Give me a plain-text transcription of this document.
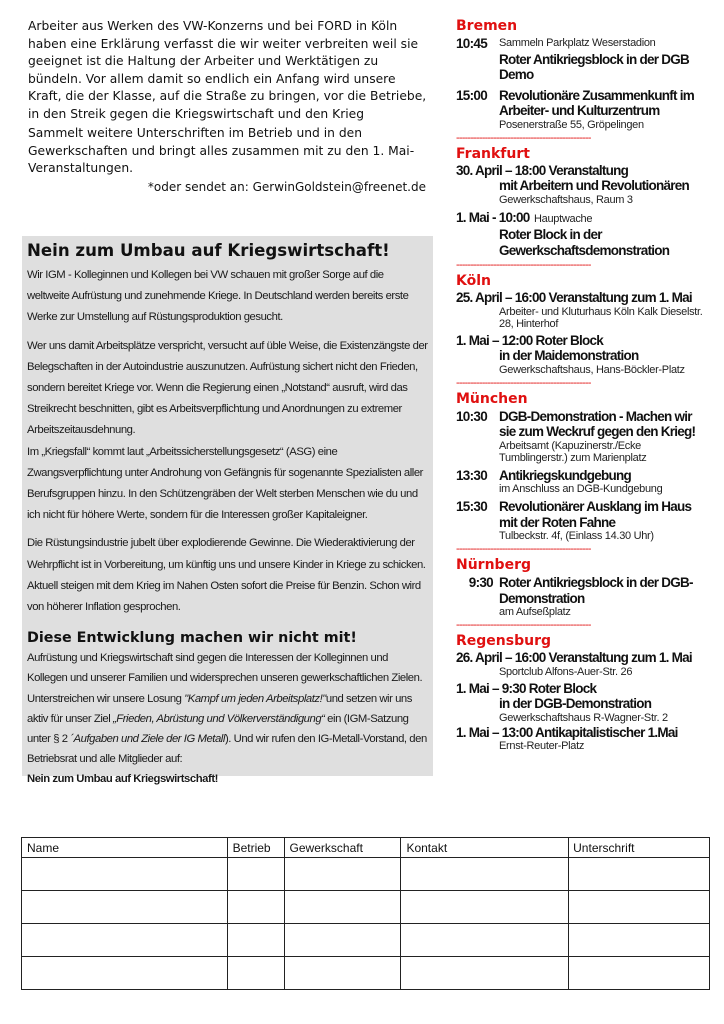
Arbeiter aus Werken des VW-Konzerns und bei FORD in Köln haben eine Erklärung verfasst die wir weiter verbreiten weil sie geeignet ist die Haltung der Arbeiter und Werktätigen zu bündeln. Vor allem damit so endlich ein Anfang wird unsere Kraft, die der Klasse, auf die Straße zu bringen, vor die Betriebe, in den Streik gegen die Kriegswirtschaft und den Krieg

Sammelt weitere Unterschriften im Betrieb und in den Gewerkschaften und bringt alles zusammen mit zu den 1. Mai-Veranstaltungen.

*oder sendet an: GerwinGoldstein@freenet.de

Nein zum Umbau auf Kriegswirtschaft!

Wir IGM - Kolleginnen und Kollegen bei VW schauen mit großer Sorge auf die weltweite Aufrüstung und zunehmende Kriege. In Deutschland werden bereits erste Werke zur Umstellung auf Rüstungsproduktion gesucht.

Wer uns damit Arbeitsplätze verspricht, versucht auf üble Weise, die Existenzängste der Belegschaften in der Autoindustrie auszunutzen. Aufrüstung sichert nicht den Frieden, sondern bereitet Kriege vor. Wenn die Regierung einen „Notstand“ ausruft, wird das Streikrecht beschnitten, gibt es Arbeitsverpflichtung und Anordnungen zu extremer Arbeitszeitausdehnung.
Im „Kriegsfall“ kommt laut „Arbeitssicherstellungsgesetz“ (ASG) eine Zwangsverpflichtung unter Androhung von Gefängnis für sogenannte Spezialisten aller Berufsgruppen hinzu. In den Schützengräben der Welt sterben Menschen wie du und ich nicht für höhere Werte, sondern für die Interessen großer Kapitaleigner.

Die Rüstungsindustrie jubelt über explodierende Gewinne. Die Wiederaktivierung der Wehrpflicht ist in Vorbereitung, um künftig uns und unsere Kinder in Kriege zu schicken. Aktuell steigen mit dem Krieg im Nahen Osten sofort die Preise für Benzin. Schon wird von höherer Inflation gesprochen.

Diese Entwicklung machen wir nicht mit!

Aufrüstung und Kriegswirtschaft sind gegen die Interessen der Kolleginnen und Kollegen und unserer Familien und widersprechen unseren gewerkschaftlichen Zielen. Unterstreichen wir unsere Losung "Kampf um jeden Arbeitsplatz!"und setzen wir uns aktiv für unser Ziel „Frieden, Abrüstung und Völkerverständigung“ ein (IGM-Satzung unter § 2 ´Aufgaben und Ziele der IG Metall). Und wir rufen den IG-Metall-Vorstand, den Betriebsrat und alle Mitglieder auf:
Nein zum Umbau auf Kriegswirtschaft!

Bremen
10:45	Sammeln Parkplatz Weserstadion
Roter Antikriegsblock in der DGB Demo
15:00 Revolutionäre Zusammenkunft im Arbeiter- und Kulturzentrum
Posenerstraße 55, Gröpelingen
-----------------------------------------------
Frankfurt
30. April – 18:00 Veranstaltung
mit Arbeitern und Revolutionären
Gewerkschaftshaus, Raum 3
1. Mai - 10:00 Hauptwache
Roter Block in der Gewerkschaftsdemonstration
-----------------------------------------------
Köln
25. April – 16:00 Veranstaltung zum 1. Mai
Arbeiter- und Kluturhaus Köln Kalk Dieselstr. 28, Hinterhof
1. Mai – 12:00 Roter Block
in der Maidemonstration
Gewerkschaftshaus, Hans-Böckler-Platz
-----------------------------------------------
München
10:30 DGB-Demonstration - Machen wir sie zum Weckruf gegen den Krieg!
Arbeitsamt (Kapuzinerstr./Ecke Tumblingerstr.) zum Marienplatz
13:30 Antikriegskundgebung
im Anschluss an DGB-Kundgebung
15:30 Revolutionärer Ausklang im Haus mit der Roten Fahne
Tulbeckstr. 4f, (Einlass 14.30 Uhr)
-----------------------------------------------
Nürnberg
9:30 Roter Antikriegsblock in der DGB-Demonstration
am Aufseßplatz
-----------------------------------------------
Regensburg
26. April – 16:00 Veranstaltung zum 1. Mai
Sportclub Alfons-Auer-Str. 26
1. Mai – 9:30 Roter Block
in der DGB-Demonstration
Gewerkschaftshaus R-Wagner-Str. 2
1. Mai – 13:00 Antikapitalistischer 1.Mai
Ernst-Reuter-Platz
Name	Betrieb	Gewerkschaft	Kontakt	Unterschrift
